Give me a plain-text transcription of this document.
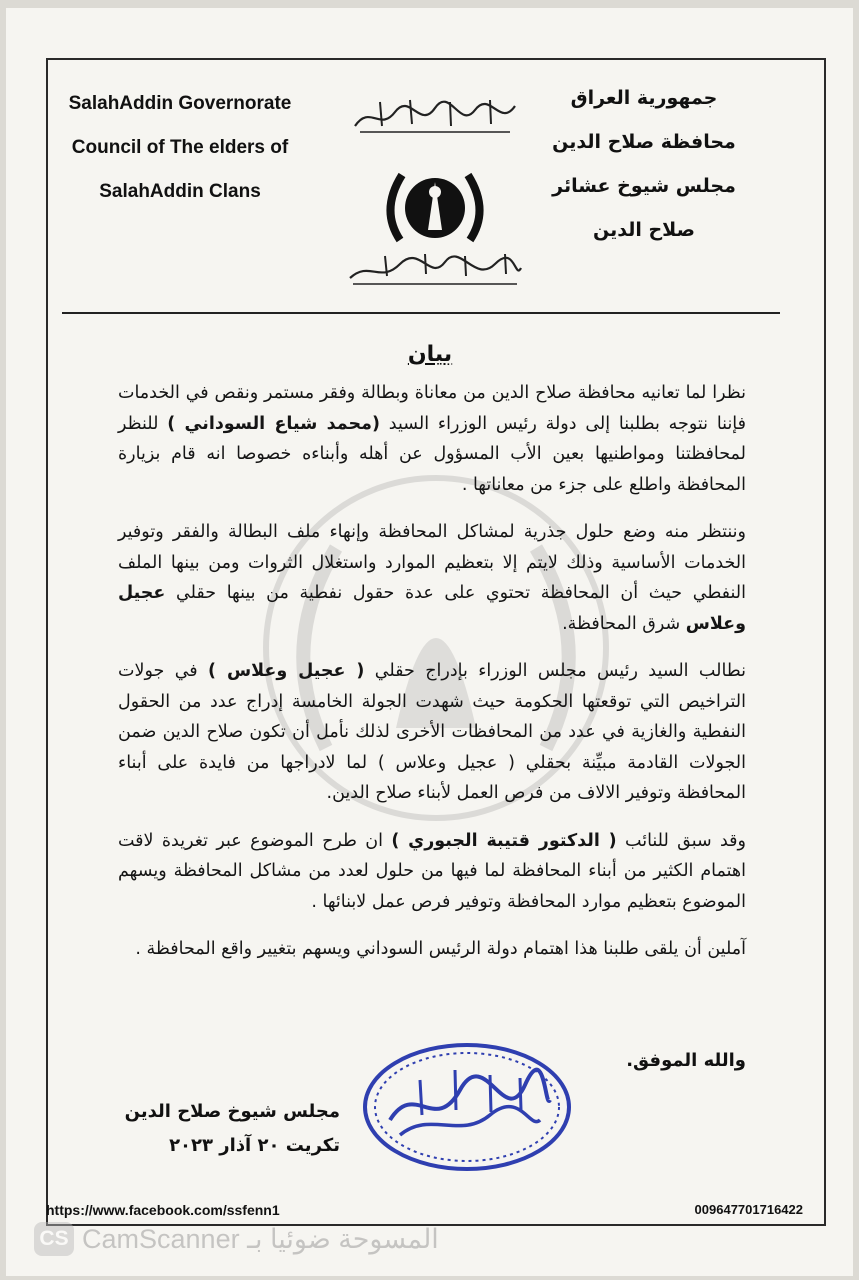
SalahAddin Governorate
Council of The elders of
SalahAddin Clans
جمهورية العراق
محافظة صلاح الدين
مجلس شيوخ عشائر
صلاح الدين
بيان

نظرا لما تعانيه محافظة صلاح الدين من معاناة وبطالة وفقر مستمر ونقص في الخدمات فإننا نتوجه بطلبنا إلى دولة رئيس الوزراء السيد (محمد شياع السوداني ) للنظر لمحافظتنا ومواطنيها بعين الأب المسؤول عن أهله وأبناءه خصوصا انه قام بزيارة المحافظة واطلع على جزء من معاناتها .

وننتظر منه وضع حلول جذرية لمشاكل المحافظة وإنهاء ملف البطالة والفقر وتوفير الخدمات الأساسية وذلك لايتم إلا بتعظيم الموارد واستغلال الثروات ومن بينها الملف النفطي حيث أن المحافظة تحتوي على عدة حقول نفطية من بينها حقلي عجيل وعلاس شرق المحافظة.

نطالب السيد رئيس مجلس الوزراء بإدراج حقلي ( عجيل وعلاس ) في جولات التراخيص التي توقعتها الحكومة حيث شهدت الجولة الخامسة إدراج عدد من الحقول النفطية والغازية في عدد من المحافظات الأخرى لذلك نأمل أن تكون صلاح الدين ضمن الجولات القادمة مبيِّنة بحقلي ( عجيل وعلاس ) لما لادراجها من فايدة على أبناء المحافظة وتوفير الالاف من فرص العمل لأبناء صلاح الدين.

وقد سبق للنائب ( الدكتور قتيبة الجبوري ) ان طرح الموضوع عبر تغريدة لاقت اهتمام الكثير من أبناء المحافظة لما فيها من حلول لعدد من مشاكل المحافظة ويسهم الموضوع بتعظيم موارد المحافظة وتوفير فرص عمل لابنائها .

آملين أن يلقى طلبنا هذا اهتمام دولة الرئيس السوداني ويسهم بتغيير واقع المحافظة .

والله الموفق.
مجلس شيوخ صلاح الدين
تكريت ٢٠ آذار ٢٠٢٣
https://www.facebook.com/ssfenn1	009647701716422
CS CamScanner المسوحة ضوئيا بـ
